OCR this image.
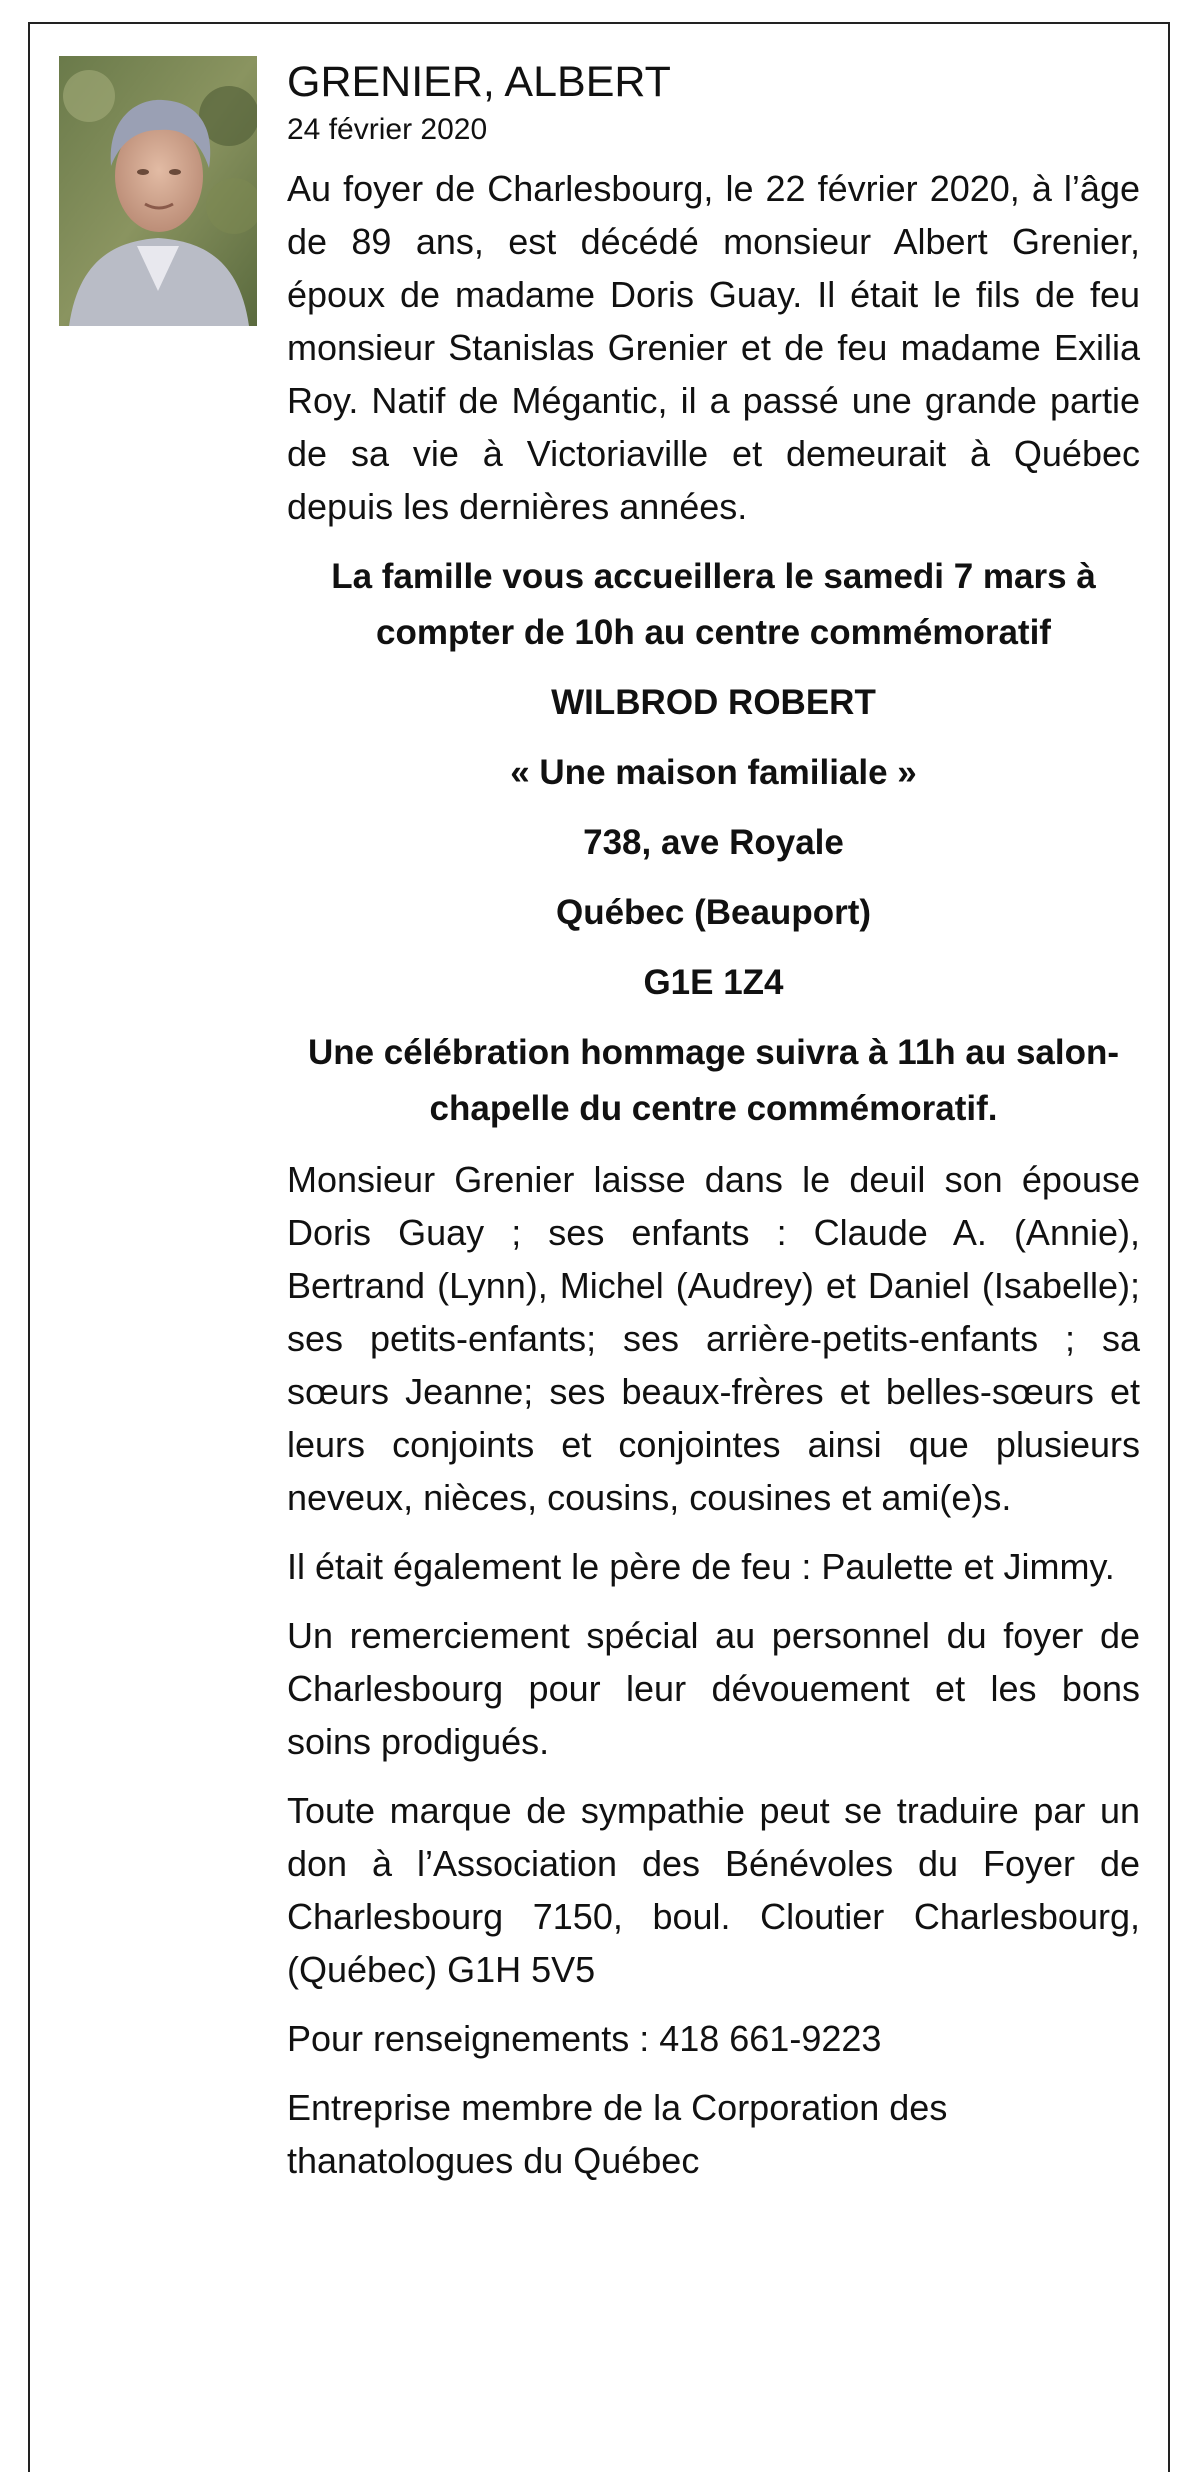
GRENIER, ALBERT
24 février 2020

Au foyer de Charlesbourg, le 22 février 2020, à l’âge de 89 ans, est décédé monsieur Albert Grenier, époux de madame Doris Guay. Il était le fils de feu monsieur Stanislas Grenier et de feu madame Exilia Roy. Natif de Mégantic, il a passé une grande partie de sa vie à Victoriaville et demeurait à Québec depuis les dernières années.

La famille vous accueillera le samedi 7 mars à compter de 10h au centre commémoratif

WILBROD ROBERT

« Une maison familiale »

738, ave Royale

Québec (Beauport)

G1E 1Z4

Une célébration hommage suivra à 11h au salon-chapelle du centre commémoratif.

Monsieur Grenier laisse dans le deuil son épouse Doris Guay ; ses enfants : Claude A. (Annie), Bertrand (Lynn), Michel (Audrey) et Daniel (Isabelle); ses petits-enfants; ses arrière-petits-enfants ; sa sœurs Jeanne; ses beaux-frères et belles-sœurs et leurs conjoints et conjointes ainsi que plusieurs neveux, nièces, cousins, cousines et ami(e)s.

Il était également le père de feu : Paulette et Jimmy.

Un remerciement spécial au personnel du foyer de Charlesbourg pour leur dévouement et les bons soins prodigués.

Toute marque de sympathie peut se traduire par un don à l’Association des Bénévoles du Foyer de Charlesbourg 7150, boul. Cloutier Charlesbourg, (Québec) G1H 5V5

Pour renseignements : 418 661-9223

Entreprise membre de la Corporation des thanatologues du Québec
